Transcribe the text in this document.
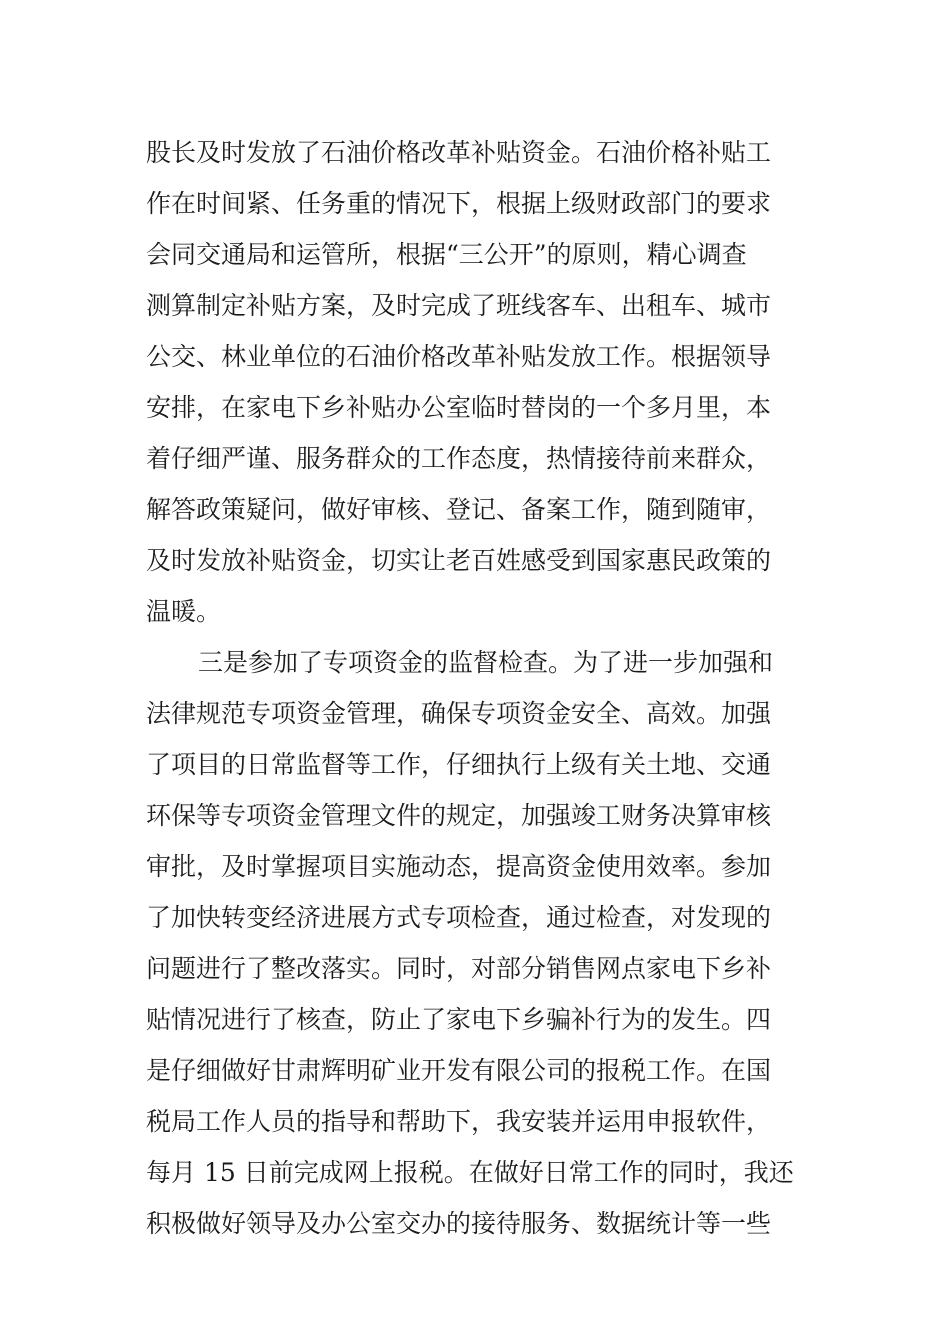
股长及时发放了石油价格改革补贴资金。石油价格补贴工
作在时间紧、任务重的情况下，根据上级财政部门的要求
会同交通局和运管所，根据“三公开”的原则，精心调查
测算制定补贴方案，及时完成了班线客车、出租车、城市
公交、林业单位的石油价格改革补贴发放工作。根据领导
安排，在家电下乡补贴办公室临时替岗的一个多月里，本
着仔细严谨、服务群众的工作态度，热情接待前来群众，
解答政策疑问，做好审核、登记、备案工作，随到随审，
及时发放补贴资金，切实让老百姓感受到国家惠民政策的
温暖。
三是参加了专项资金的监督检查。为了进一步加强和
法律规范专项资金管理，确保专项资金安全、高效。加强
了项目的日常监督等工作，仔细执行上级有关土地、交通
环保等专项资金管理文件的规定，加强竣工财务决算审核
审批，及时掌握项目实施动态，提高资金使用效率。参加
了加快转变经济进展方式专项检查，通过检查，对发现的
问题进行了整改落实。同时，对部分销售网点家电下乡补
贴情况进行了核查，防止了家电下乡骗补行为的发生。四
是仔细做好甘肃辉明矿业开发有限公司的报税工作。在国
税局工作人员的指导和帮助下，我安装并运用申报软件，
每月 15 日前完成网上报税。在做好日常工作的同时，我还
积极做好领导及办公室交办的接待服务、数据统计等一些
